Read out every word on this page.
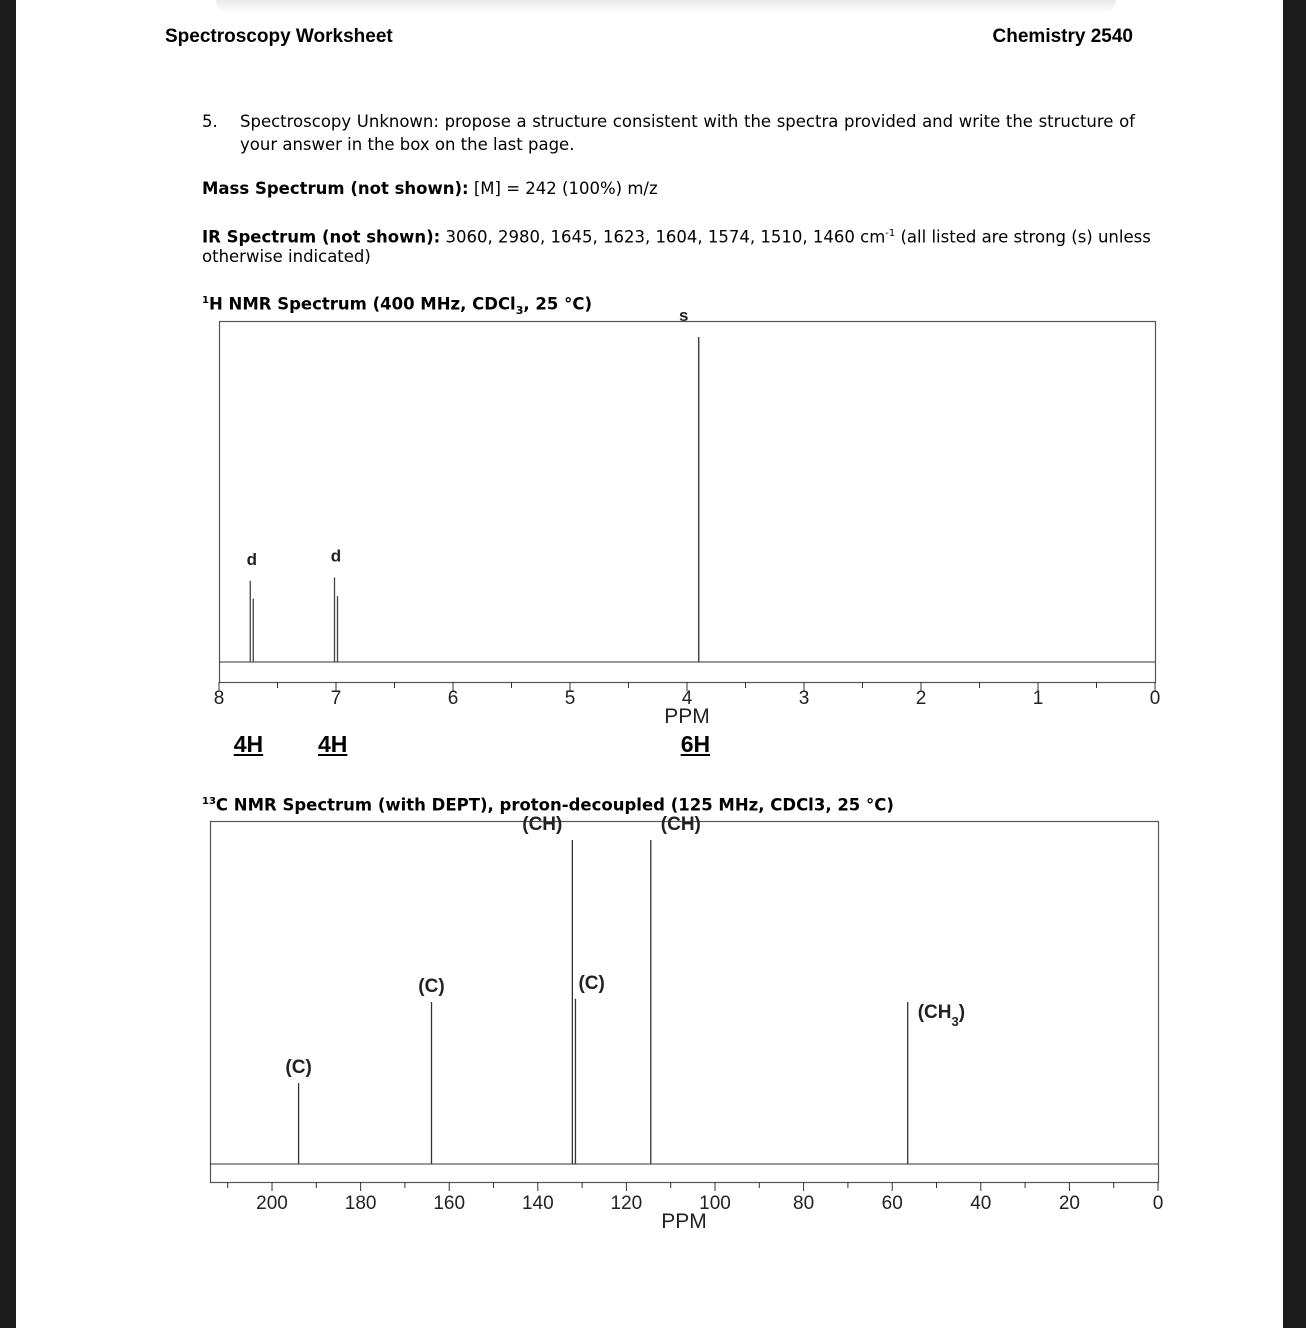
Spectroscopy Worksheet	Chemistry 2540
5. Spectroscopy Unknown: propose a structure consistent with the spectra provided and write the structure of
your answer in the box on the last page.
Mass Spectrum (not shown): [M] = 242 (100%) m/z
IR Spectrum (not shown): 3060, 2980, 1645, 1623, 1604, 1574, 1510, 1460 $cm^{-1}$ (all listed are strong (s) unless
otherwise indicated)
$^1$H NMR Spectrum (400 MHz, CDCl$_3$, 25 °C)
$^{13}$C NMR Spectrum (with DEPT), proton-decoupled (125 MHz, CDCl3, 25 °C)
8	7	6	5	4	3	2	1	0
d	d
s
PPM
4H 4H	6H
200	180	160	140	120	100	80	60	40	20	0
(C)
(C)
(CH)
(C)
(CH)
$(CH_3)$
PPM
